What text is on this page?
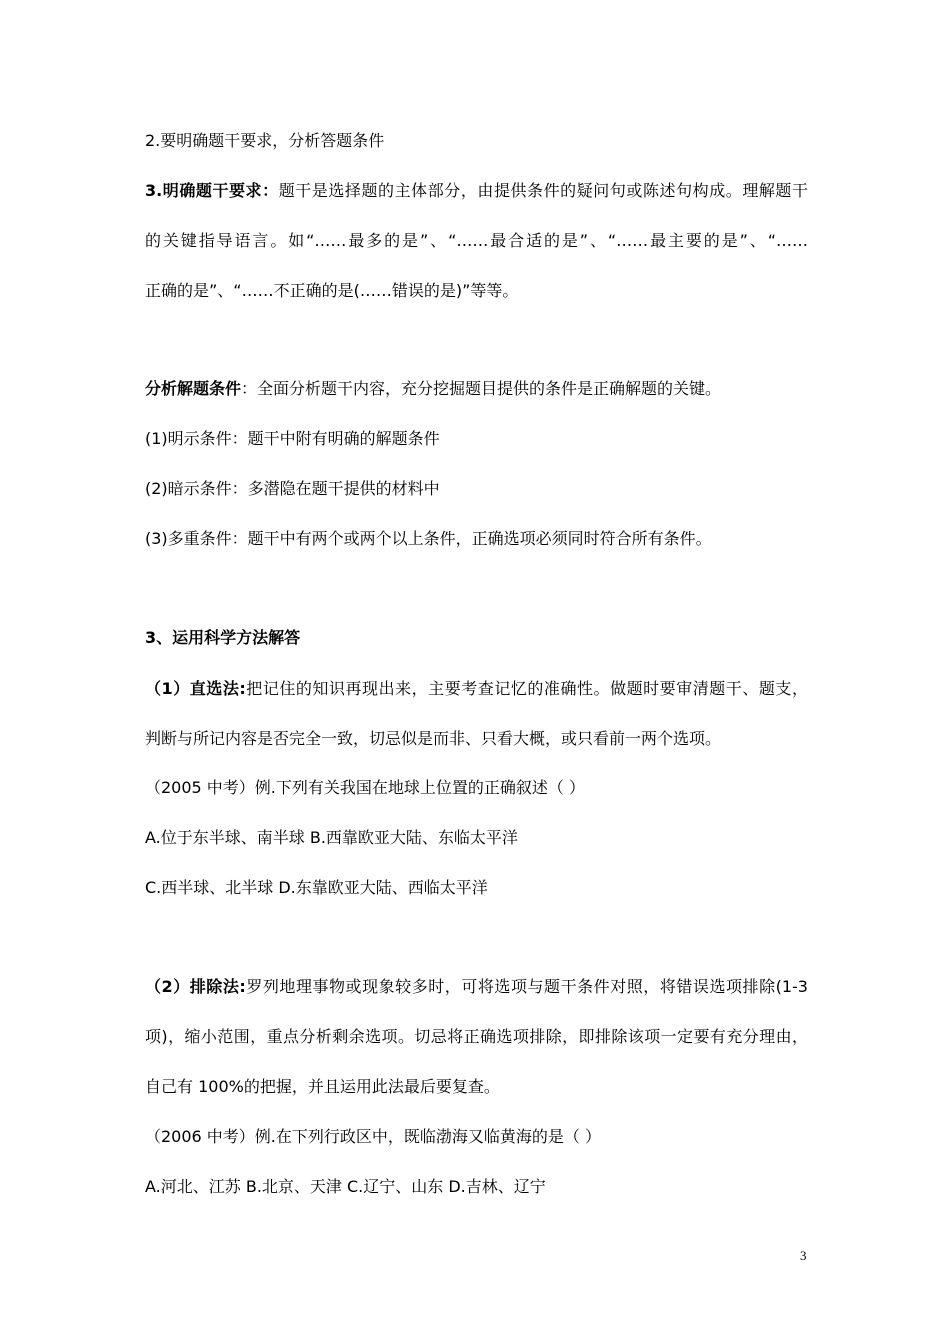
2.要明确题干要求，分析答题条件
3.明确题干要求：题干是选择题的主体部分，由提供条件的疑问句或陈述句构成。理解题干
的关键指导语言。如“……最多的是”、“……最合适的是”、“……最主要的是”、“……
正确的是”、“……不正确的是(……错误的是)”等等。
分析解题条件：全面分析题干内容，充分挖掘题目提供的条件是正确解题的关键。
(1)明示条件：题干中附有明确的解题条件
(2)暗示条件：多潜隐在题干提供的材料中
(3)多重条件：题干中有两个或两个以上条件，正确选项必须同时符合所有条件。
3、运用科学方法解答
（1）直选法:把记住的知识再现出来，主要考查记忆的准确性。做题时要审清题干、题支，
判断与所记内容是否完全一致，切忌似是而非、只看大概，或只看前一两个选项。
（2005 中考）例.下列有关我国在地球上位置的正确叙述（ ）
A.位于东半球、南半球 B.西靠欧亚大陆、东临太平洋
C.西半球、北半球 D.东靠欧亚大陆、西临太平洋
（2）排除法:罗列地理事物或现象较多时，可将选项与题干条件对照，将错误选项排除(1-3
项)，缩小范围，重点分析剩余选项。切忌将正确选项排除，即排除该项一定要有充分理由，
自己有 100%的把握，并且运用此法最后要复查。
（2006 中考）例.在下列行政区中，既临渤海又临黄海的是（ ）
A.河北、江苏 B.北京、天津 C.辽宁、山东 D.吉林、辽宁
3
